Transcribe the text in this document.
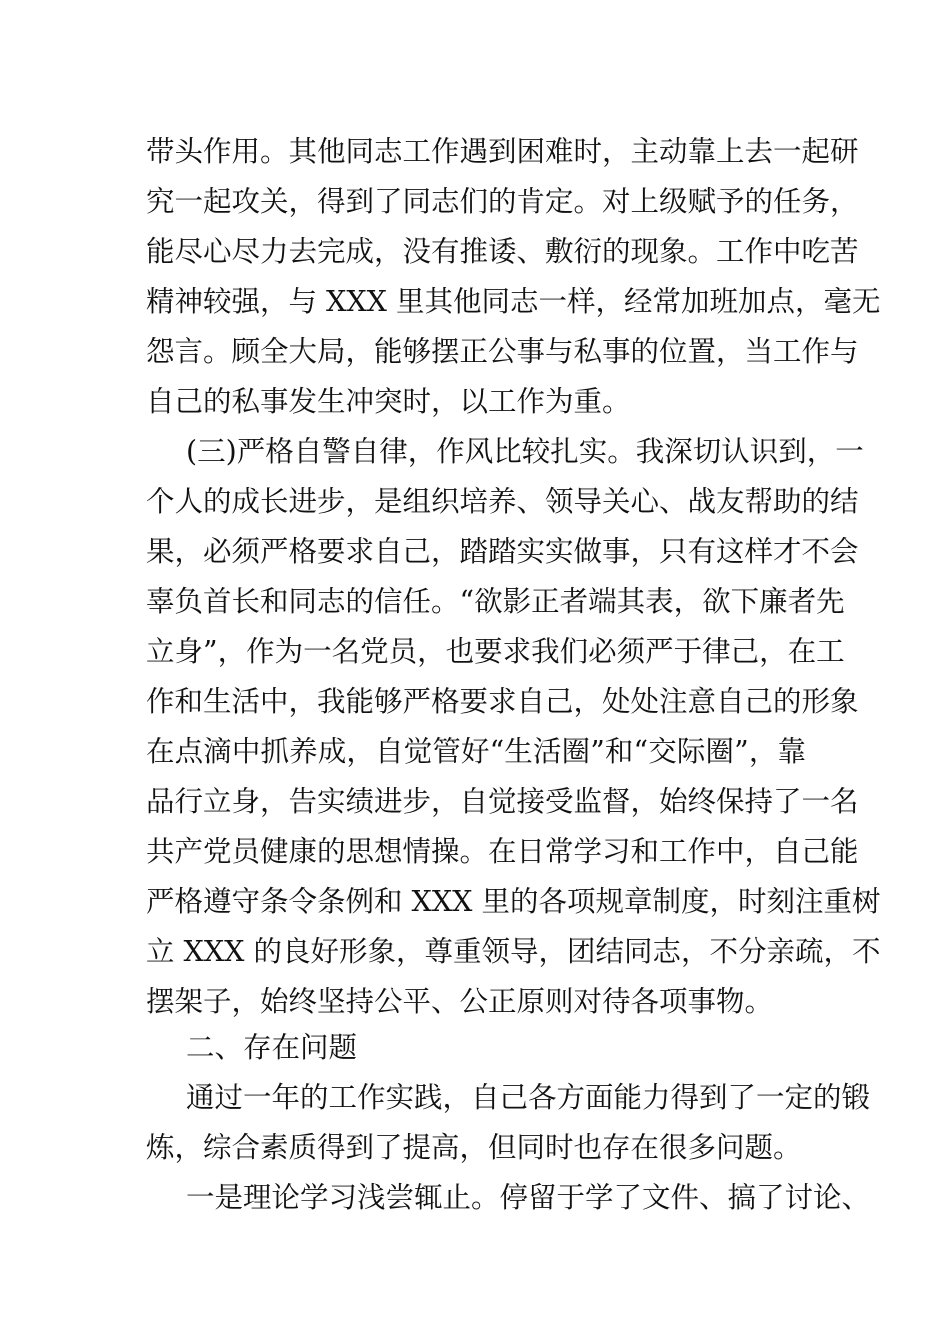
带头作用。其他同志工作遇到困难时，主动靠上去一起研
究一起攻关，得到了同志们的肯定。对上级赋予的任务，
能尽心尽力去完成，没有推诿、敷衍的现象。工作中吃苦
精神较强，与 XXX 里其他同志一样，经常加班加点，毫无
怨言。顾全大局，能够摆正公事与私事的位置，当工作与
自己的私事发生冲突时，以工作为重。
(三)严格自警自律，作风比较扎实。我深切认识到，一
个人的成长进步，是组织培养、领导关心、战友帮助的结
果，必须严格要求自己，踏踏实实做事，只有这样才不会
辜负首长和同志的信任。“欲影正者端其表，欲下廉者先
立身”，作为一名党员，也要求我们必须严于律己，在工
作和生活中，我能够严格要求自己，处处注意自己的形象
在点滴中抓养成，自觉管好“生活圈”和“交际圈”，靠
品行立身，告实绩进步，自觉接受监督，始终保持了一名
共产党员健康的思想情操。在日常学习和工作中，自己能
严格遵守条令条例和 XXX 里的各项规章制度，时刻注重树
立 XXX 的良好形象，尊重领导，团结同志，不分亲疏，不
摆架子，始终坚持公平、公正原则对待各项事物。
二、存在问题
通过一年的工作实践，自己各方面能力得到了一定的锻
炼，综合素质得到了提高，但同时也存在很多问题。
一是理论学习浅尝辄止。停留于学了文件、搞了讨论、
